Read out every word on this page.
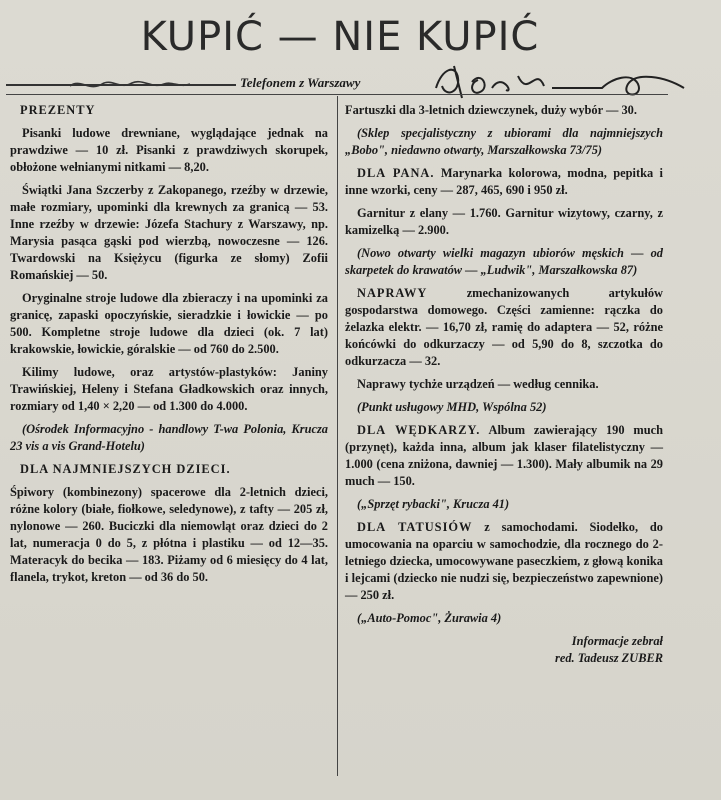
KUPIĆ — NIE KUPIĆ
Telefonem z Warszawy

PREZENTY

Pisanki ludowe drewniane, wyglądające jednak na prawdziwe — 10 zł. Pisanki z prawdziwych skorupek, obłożone wełnianymi nitkami — 8,20.

Świątki Jana Szczerby z Zakopanego, rzeźby w drzewie, małe rozmiary, upominki dla krewnych za granicą — 53. Inne rzeźby w drzewie: Józefa Stachury z Warszawy, np. Marysia pasąca gąski pod wierzbą, nowoczesne — 126. Twardowski na Księżycu (figurka ze słomy) Zofii Romańskiej — 50.

Oryginalne stroje ludowe dla zbieraczy i na upominki za granicę, zapaski opoczyńskie, sieradzkie i łowickie — po 500. Kompletne stroje ludowe dla dzieci (ok. 7 lat) krakowskie, łowickie, góralskie — od 760 do 2.500.

Kilimy ludowe, oraz artystów-plastyków: Janiny Trawińskiej, Heleny i Stefana Gładkowskich oraz innych, rozmiary od 1,40 × 2,20 — od 1.300 do 4.000.

(Ośrodek Informacyjno - handlowy T-wa Polonia, Krucza 23 vis a vis Grand-Hotelu)

DLA NAJMNIEJSZYCH DZIECI.

Śpiwory (kombinezony) spacerowe dla 2-letnich dzieci, różne kolory (białe, fiołkowe, seledynowe), z tafty — 205 zł, nylonowe — 260. Buciczki dla niemowląt oraz dzieci do 2 lat, numeracja 0 do 5, z płótna i plastiku — od 12—35. Materacyk do becika — 183. Piżamy od 6 miesięcy do 4 lat, flanela, trykot, kreton — od 36 do 50.

Fartuszki dla 3-letnich dziewczynek, duży wybór — 30.

(Sklep specjalistyczny z ubiorami dla najmniejszych „Bobo", niedawno otwarty, Marszałkowska 73/75)

DLA PANA. Marynarka kolorowa, modna, pepitka i inne wzorki, ceny — 287, 465, 690 i 950 zł.

Garnitur z elany — 1.760. Garnitur wizytowy, czarny, z kamizelką — 2.900.

(Nowo otwarty wielki magazyn ubiorów męskich — od skarpetek do krawatów — „Ludwik", Marszałkowska 87)

NAPRAWY	zmechanizowanych artykułów gospodarstwa domowego. Części zamienne: rączka do żelazka elektr. — 16,70 zł, ramię do adaptera — 52, różne końcówki do odkurzaczy — od 5,90 do 8, szczotka do odkurzacza — 32.

Naprawy tychże urządzeń — według cennika.

(Punkt usługowy MHD, Wspólna 52)

DLA WĘDKARZY. Album zawierający 190 much (przynęt), każda inna, album jak klaser filatelistyczny — 1.000 (cena zniżona, dawniej — 1.300). Mały albumik na 29 much — 150.

(„Sprzęt rybacki", Krucza 41)

DLA TATUSIÓW z samochodami. Siodełko, do umocowania na oparciu w samochodzie, dla rocznego do 2-letniego dziecka, umocowywane paseczkiem, z głową konika i lejcami (dziecko nie nudzi się, bezpieczeństwo zapewnione) — 250 zł.

(„Auto-Pomoc", Żurawia 4)

Informacje zebrał
red. Tadeusz ZUBER
